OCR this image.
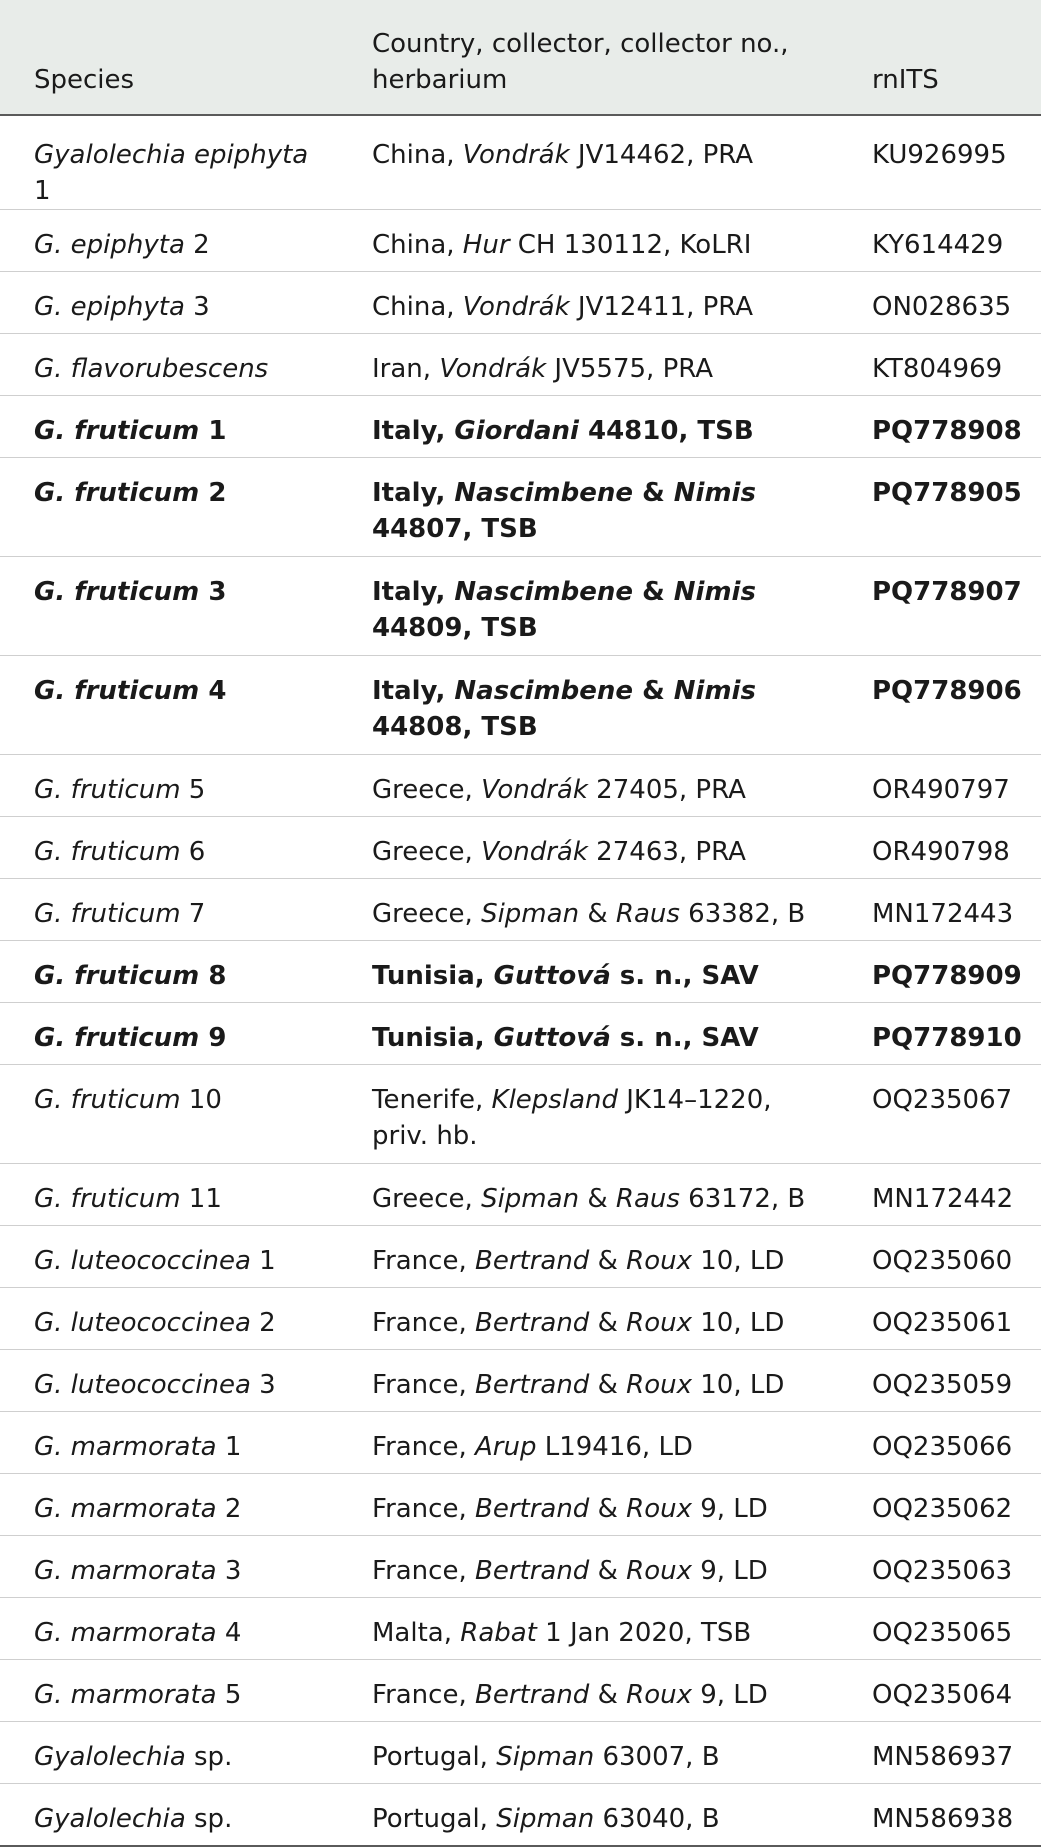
Species	Country, collector, collector no., herbarium	rnITS
Gyalolechia epiphyta 1	China, Vondrák JV14462, PRA	KU926995
G. epiphyta 2	China, Hur CH 130112, KoLRI	KY614429
G. epiphyta 3	China, Vondrák JV12411, PRA	ON028635
G. flavorubescens	Iran, Vondrák JV5575, PRA	KT804969
G. fruticum 1	Italy, Giordani 44810, TSB	PQ778908
G. fruticum 2	Italy, Nascimbene & Nimis 44807, TSB	PQ778905
G. fruticum 3	Italy, Nascimbene & Nimis 44809, TSB	PQ778907
G. fruticum 4	Italy, Nascimbene & Nimis 44808, TSB	PQ778906
G. fruticum 5	Greece, Vondrák 27405, PRA	OR490797
G. fruticum 6	Greece, Vondrák 27463, PRA	OR490798
G. fruticum 7	Greece, Sipman & Raus 63382, B	MN172443
G. fruticum 8	Tunisia, Guttová s. n., SAV	PQ778909
G. fruticum 9	Tunisia, Guttová s. n., SAV	PQ778910
G. fruticum 10	Tenerife, Klepsland JK14–1220, priv. hb.	OQ235067
G. fruticum 11	Greece, Sipman & Raus 63172, B	MN172442
G. luteococcinea 1	France, Bertrand & Roux 10, LD	OQ235060
G. luteococcinea 2	France, Bertrand & Roux 10, LD	OQ235061
G. luteococcinea 3	France, Bertrand & Roux 10, LD	OQ235059
G. marmorata 1	France, Arup L19416, LD	OQ235066
G. marmorata 2	France, Bertrand & Roux 9, LD	OQ235062
G. marmorata 3	France, Bertrand & Roux 9, LD	OQ235063
G. marmorata 4	Malta, Rabat 1 Jan 2020, TSB	OQ235065
G. marmorata 5	France, Bertrand & Roux 9, LD	OQ235064
Gyalolechia sp.	Portugal, Sipman 63007, B	MN586937
Gyalolechia sp.	Portugal, Sipman 63040, B	MN586938
